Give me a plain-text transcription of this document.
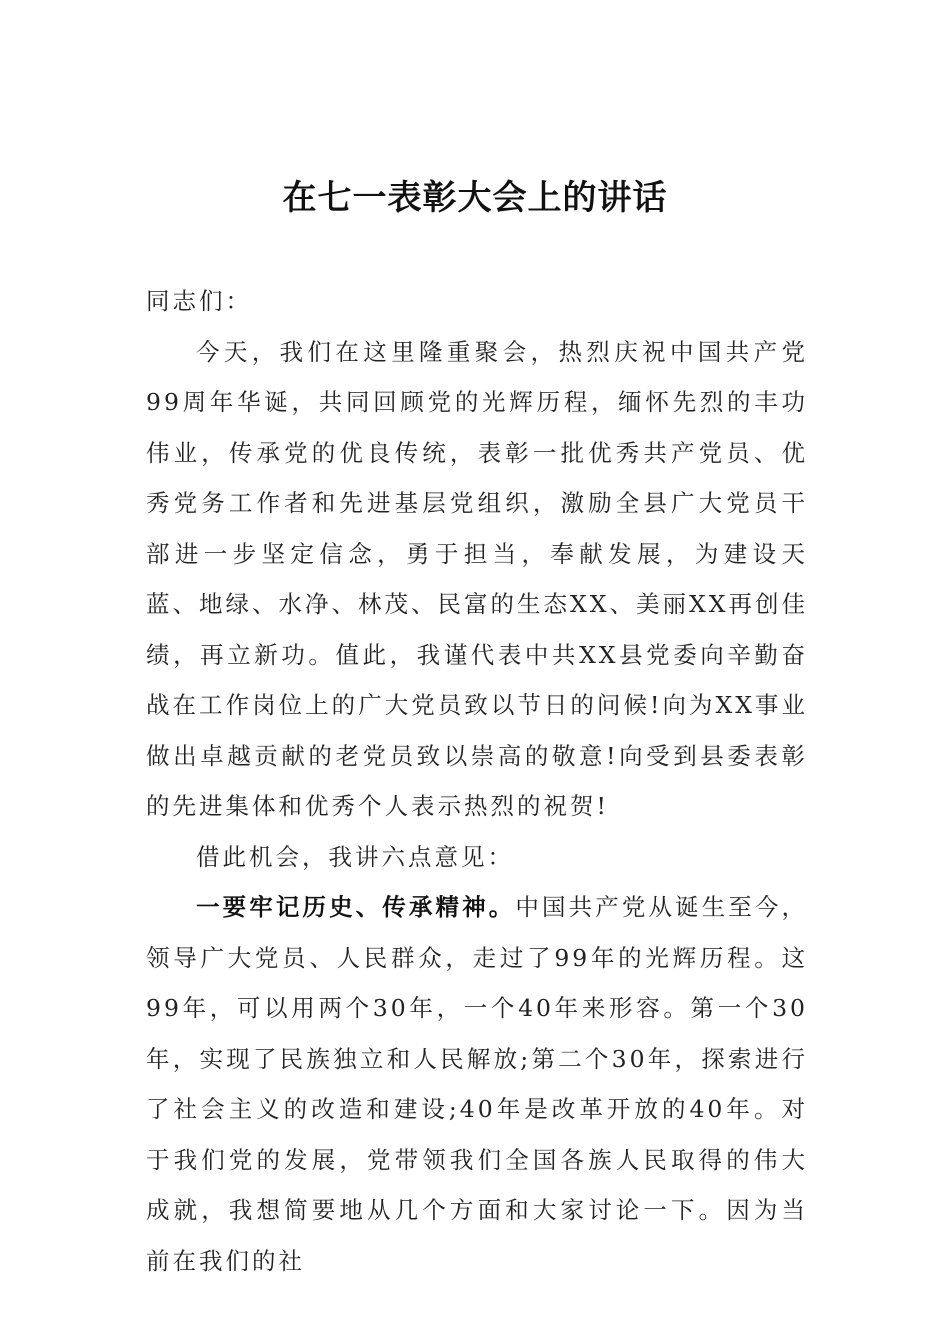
在七一表彰大会上的讲话

同志们：

今天，我们在这里隆重聚会，热烈庆祝中国共产党99周年华诞，共同回顾党的光辉历程，缅怀先烈的丰功伟业，传承党的优良传统，表彰一批优秀共产党员、优秀党务工作者和先进基层党组织，激励全县广大党员干部进一步坚定信念，勇于担当，奉献发展，为建设天蓝、地绿、水净、林茂、民富的生态XX、美丽XX再创佳绩，再立新功。值此，我谨代表中共XX县党委向辛勤奋战在工作岗位上的广大党员致以节日的问候!向为XX事业做出卓越贡献的老党员致以崇高的敬意!向受到县委表彰的先进集体和优秀个人表示热烈的祝贺!

借此机会，我讲六点意见：

一要牢记历史、传承精神。中国共产党从诞生至今，领导广大党员、人民群众，走过了99年的光辉历程。这99年，可以用两个30年，一个40年来形容。第一个30年，实现了民族独立和人民解放;第二个30年，探索进行了社会主义的改造和建设;40年是改革开放的40年。对于我们党的发展，党带领我们全国各族人民取得的伟大成就，我想简要地从几个方面和大家讨论一下。因为当前在我们的社
